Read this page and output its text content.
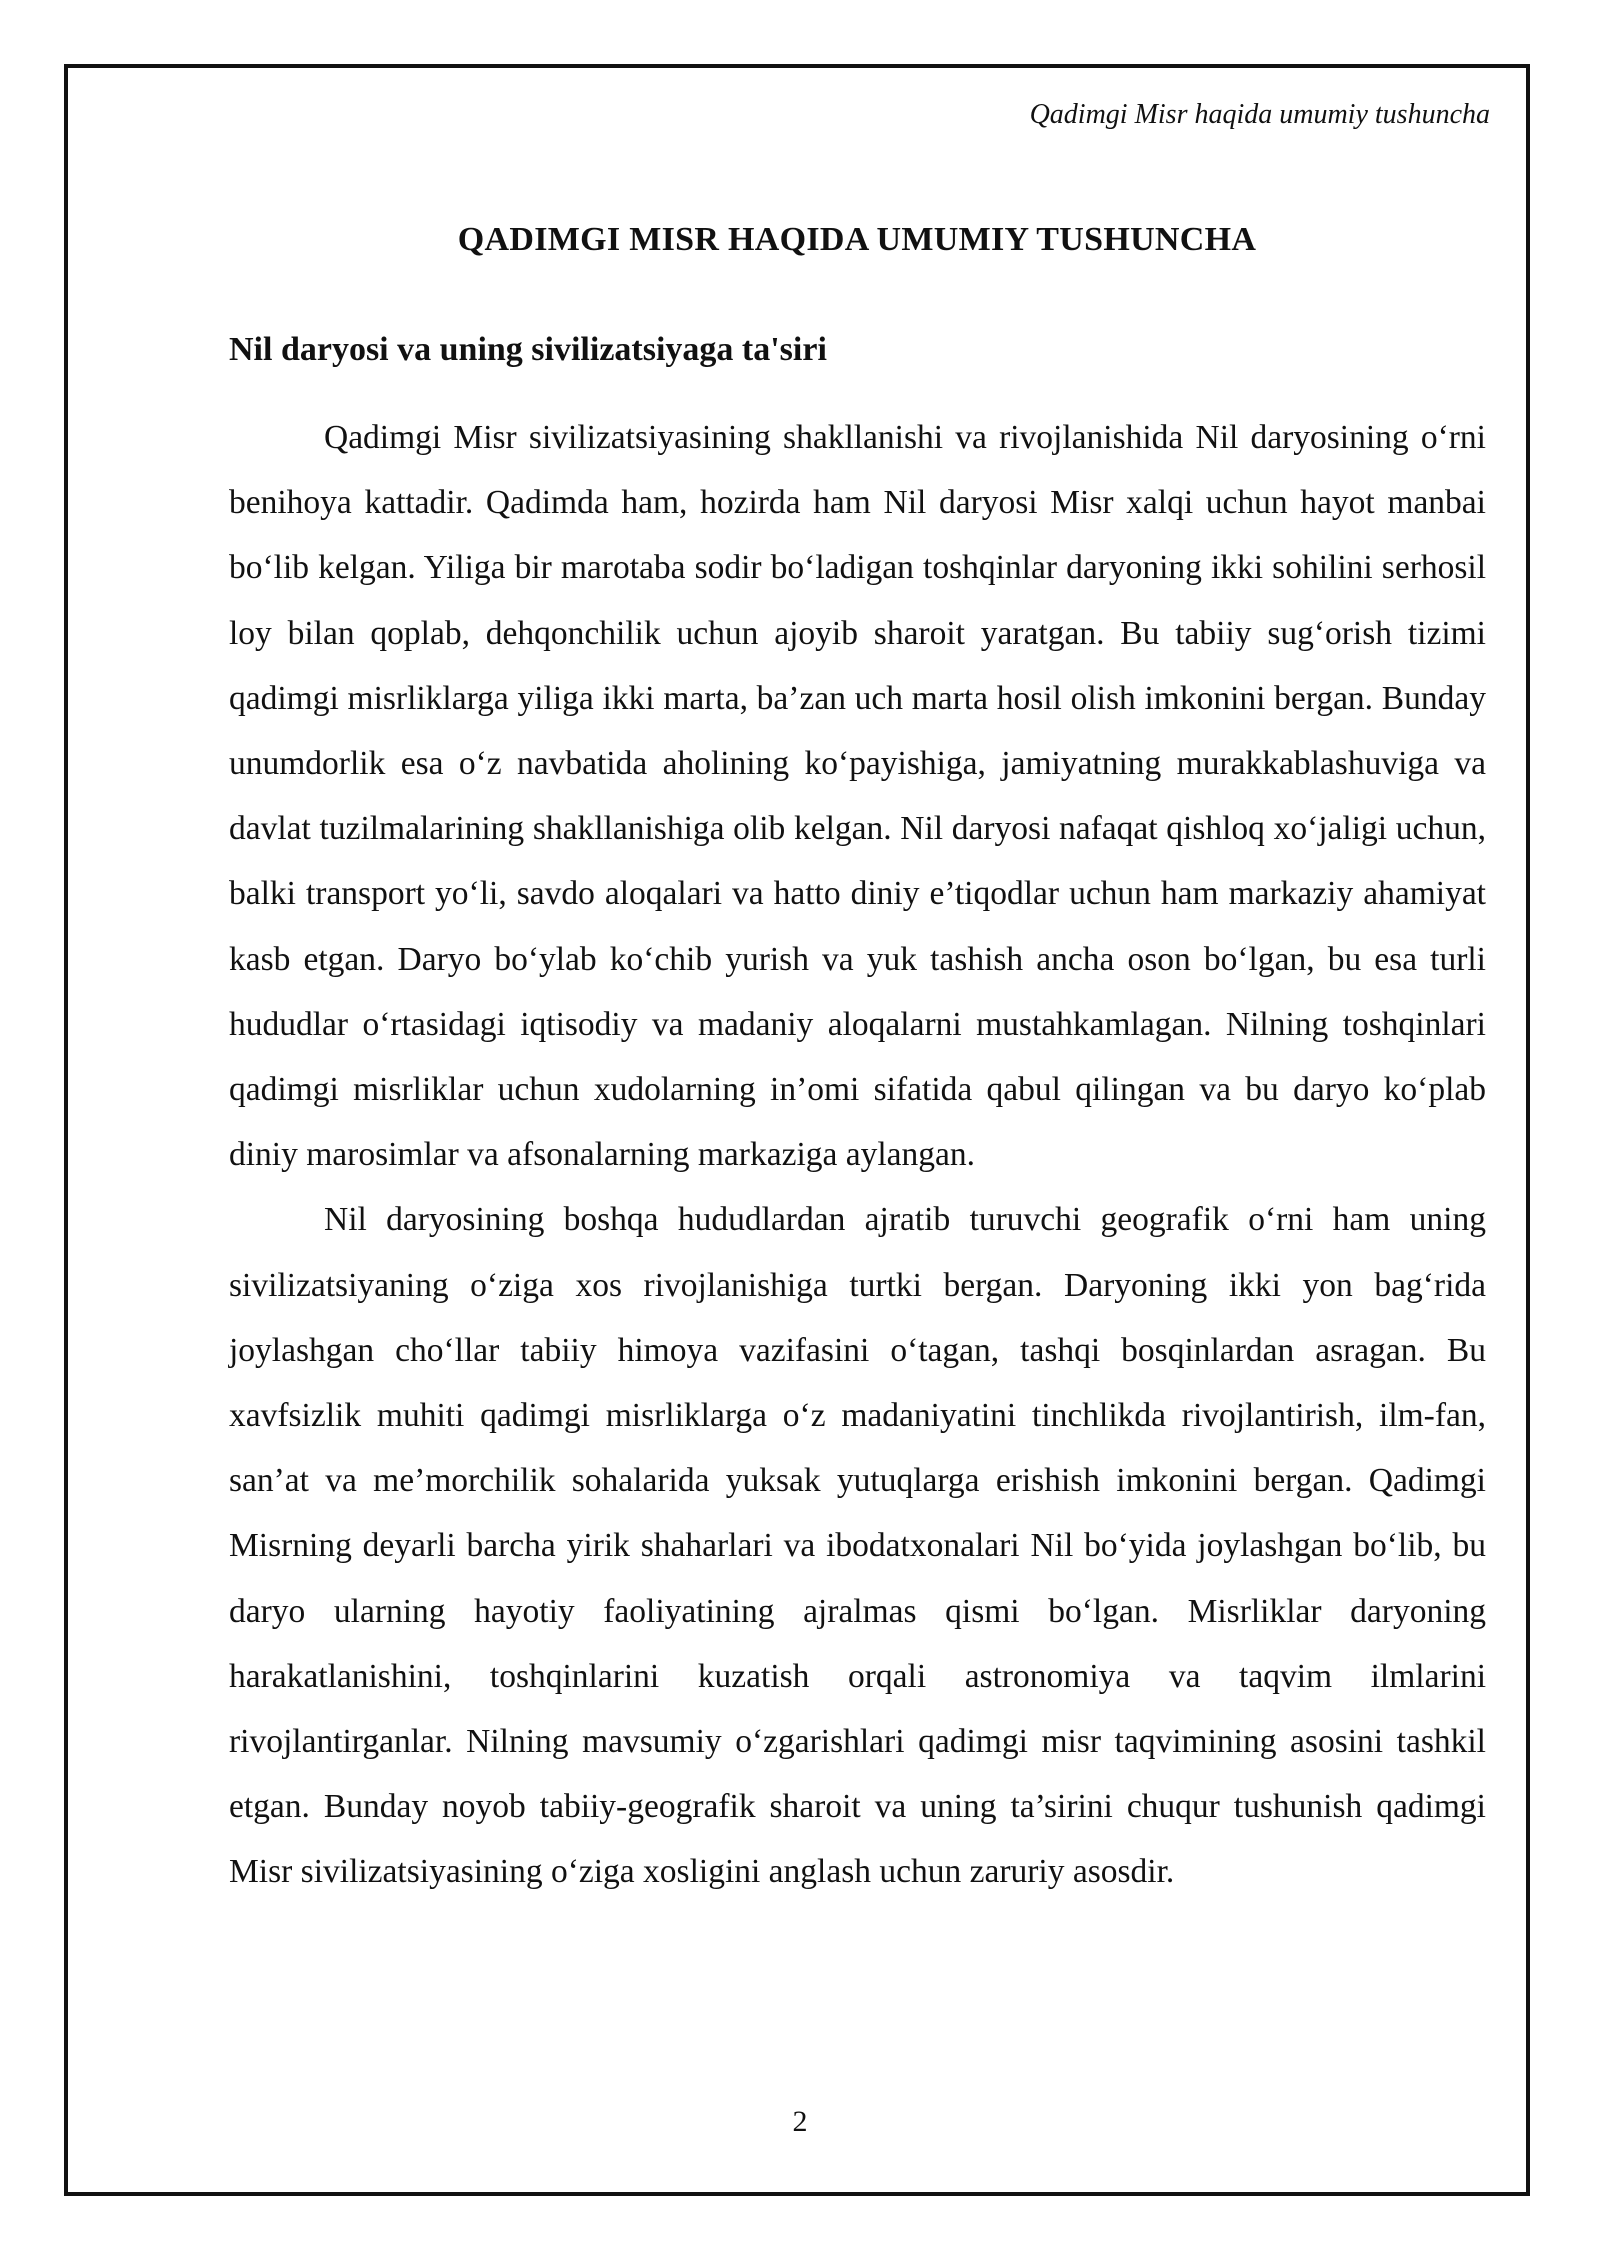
Qadimgi Misr haqida umumiy tushuncha
QADIMGI MISR HAQIDA UMUMIY TUSHUNCHA
Nil daryosi va uning sivilizatsiyaga ta'siri

Qadimgi Misr sivilizatsiyasining shakllanishi va rivojlanishida Nil daryosining o‘rni benihoya kattadir. Qadimda ham, hozirda ham Nil daryosi Misr xalqi uchun hayot manbai bo‘lib kelgan. Yiliga bir marotaba sodir bo‘ladigan toshqinlar daryoning ikki sohilini serhosil loy bilan qoplab, dehqonchilik uchun ajoyib sharoit yaratgan. Bu tabiiy sug‘orish tizimi qadimgi misrliklarga yiliga ikki marta, ba’zan uch marta hosil olish imkonini bergan. Bunday unumdorlik esa o‘z navbatida aholining ko‘payishiga, jamiyatning murakkablashuviga va davlat tuzilmalarining shakllanishiga olib kelgan. Nil daryosi nafaqat qishloq xo‘jaligi uchun, balki transport yo‘li, savdo aloqalari va hatto diniy e’tiqodlar uchun ham markaziy ahamiyat kasb etgan. Daryo bo‘ylab ko‘chib yurish va yuk tashish ancha oson bo‘lgan, bu esa turli hududlar o‘rtasidagi iqtisodiy va madaniy aloqalarni mustahkamlagan. Nilning toshqinlari qadimgi misrliklar uchun xudolarning in’omi sifatida qabul qilingan va bu daryo ko‘plab diniy marosimlar va afsonalarning markaziga aylangan.

Nil daryosining boshqa hududlardan ajratib turuvchi geografik o‘rni ham uning sivilizatsiyaning o‘ziga xos rivojlanishiga turtki bergan. Daryoning ikki yon bag‘rida joylashgan cho‘llar tabiiy himoya vazifasini o‘tagan, tashqi bosqinlardan asragan. Bu xavfsizlik muhiti qadimgi misrliklarga o‘z madaniyatini tinchlikda rivojlantirish, ilm-fan, san’at va me’morchilik sohalarida yuksak yutuqlarga erishish imkonini bergan. Qadimgi Misrning deyarli barcha yirik shaharlari va ibodatxonalari Nil bo‘yida joylashgan bo‘lib, bu daryo ularning hayotiy faoliyatining ajralmas qismi bo‘lgan. Misrliklar daryoning harakatlanishini, toshqinlarini kuzatish orqali astronomiya va taqvim ilmlarini rivojlantirganlar. Nilning mavsumiy o‘zgarishlari qadimgi misr taqvimining asosini tashkil etgan. Bunday noyob tabiiy-geografik sharoit va uning ta’sirini chuqur tushunish qadimgi Misr sivilizatsiyasining o‘ziga xosligini anglash uchun zaruriy asosdir.

2
